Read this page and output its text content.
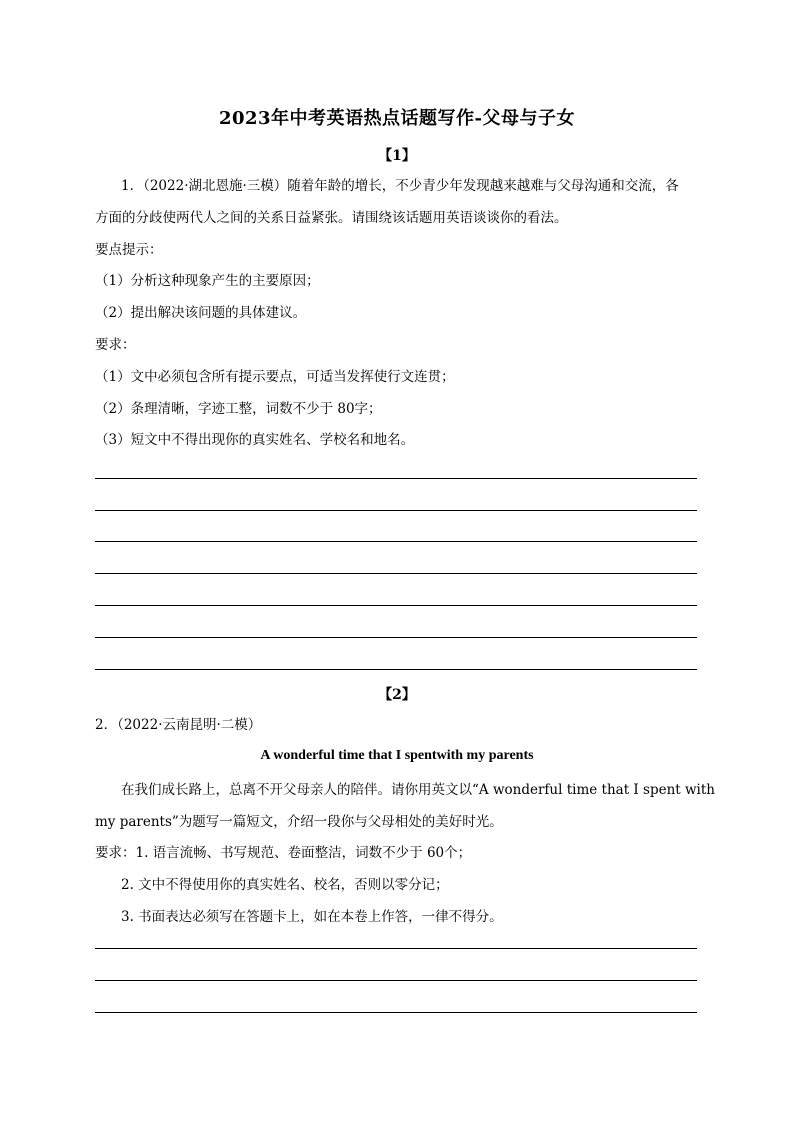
2023年中考英语热点话题写作-父母与子女
【1】
1．（2022·湖北恩施·三模）随着年龄的增长，不少青少年发现越来越难与父母沟通和交流，各
方面的分歧使两代人之间的关系日益紧张。请围绕该话题用英语谈谈你的看法。
要点提示：
（1）分析这种现象产生的主要原因；
（2）提出解决该问题的具体建议。
要求：
（1）文中必须包含所有提示要点，可适当发挥使行文连贯；
（2）条理清晰，字迹工整，词数不少于 80字；
（3）短文中不得出现你的真实姓名、学校名和地名。
【2】
2．（2022·云南昆明·二模）
A wonderful time that I spentwith my parents
在我们成长路上，总离不开父母亲人的陪伴。请你用英文以“A wonderful time that I spent with
my parents”为题写一篇短文，介绍一段你与父母相处的美好时光。
要求：1. 语言流畅、书写规范、卷面整洁，词数不少于 60个；
2. 文中不得使用你的真实姓名、校名，否则以零分记；
3. 书面表达必须写在答题卡上，如在本卷上作答，一律不得分。
